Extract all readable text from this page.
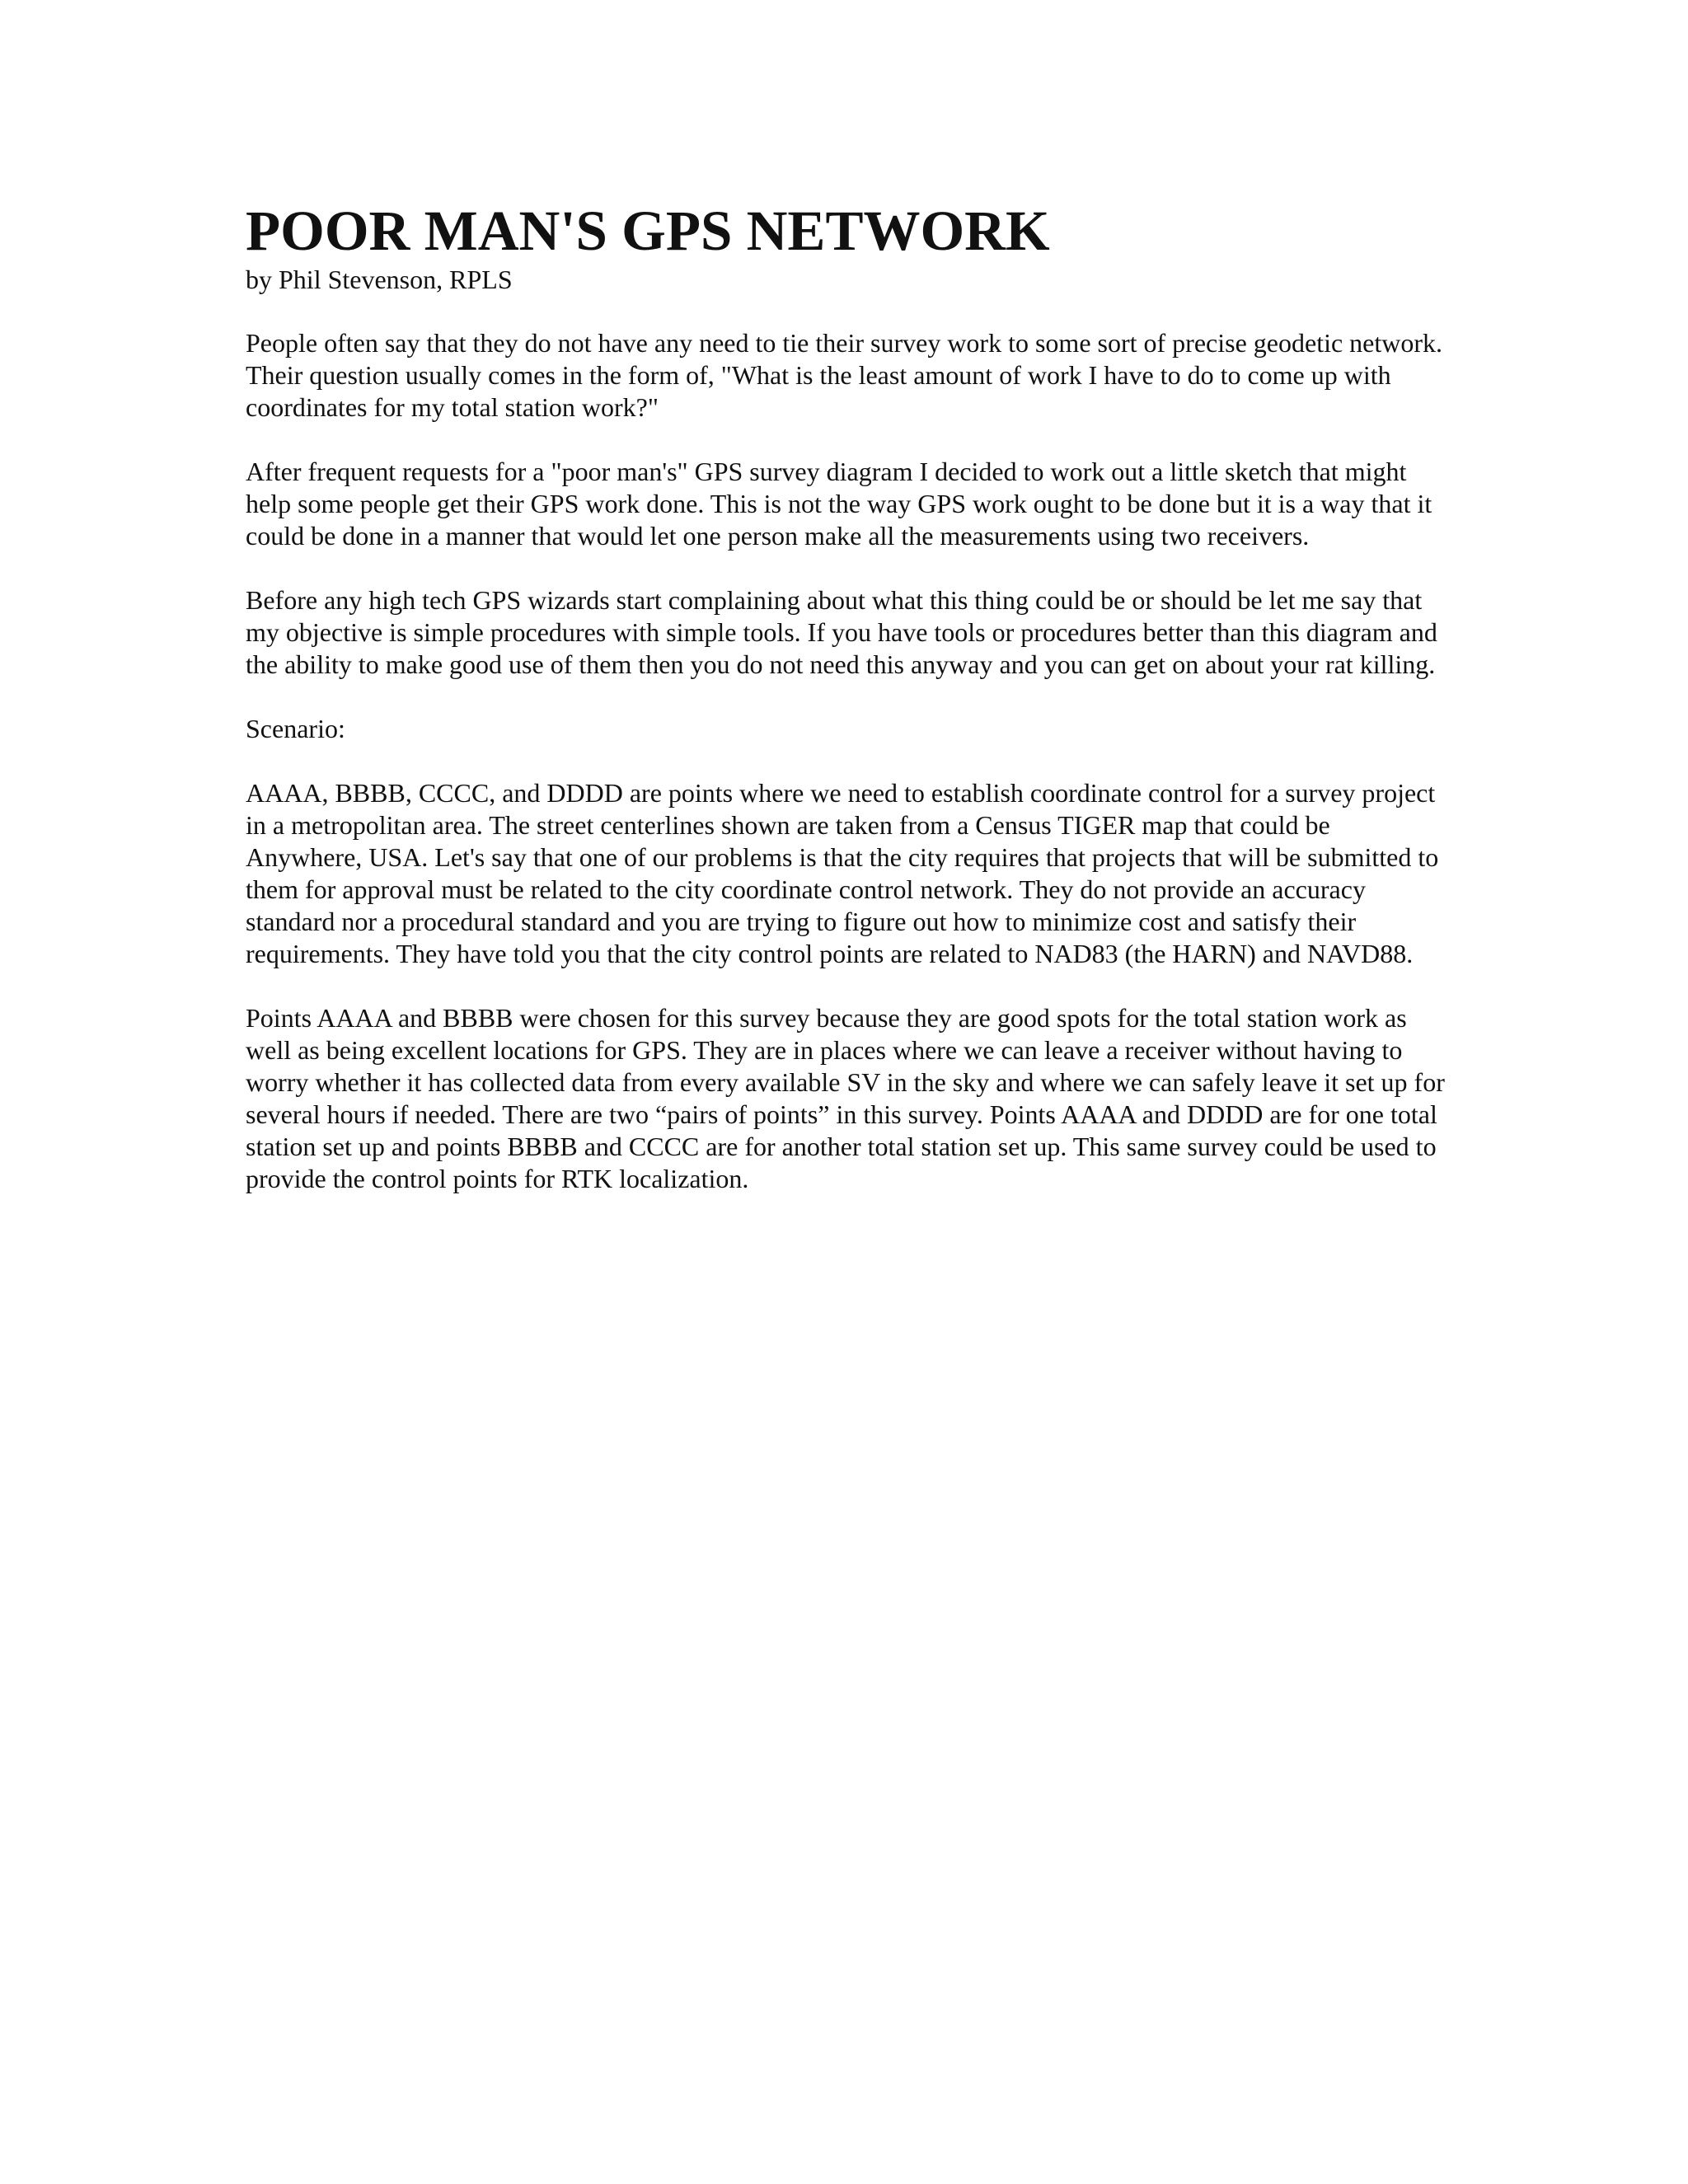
POOR MAN'S GPS NETWORK

by Phil Stevenson, RPLS

People often say that they do not have any need to tie their survey work to some sort of precise geodetic network. Their question usually comes in the form of, "What is the least amount of work I have to do to come up with coordinates for my total station work?"

After frequent requests for a "poor man's" GPS survey diagram I decided to work out a little sketch that might help some people get their GPS work done. This is not the way GPS work ought to be done but it is a way that it could be done in a manner that would let one person make all the measurements using two receivers.

Before any high tech GPS wizards start complaining about what this thing could be or should be let me say that my objective is simple procedures with simple tools. If you have tools or procedures better than this diagram and the ability to make good use of them then you do not need this anyway and you can get on about your rat killing.

Scenario:

AAAA, BBBB, CCCC, and DDDD are points where we need to establish coordinate control for a survey project in a metropolitan area. The street centerlines shown are taken from a Census TIGER map that could be Anywhere, USA. Let's say that one of our problems is that the city requires that projects that will be submitted to them for approval must be related to the city coordinate control network. They do not provide an accuracy standard nor a procedural standard and you are trying to figure out how to minimize cost and satisfy their requirements. They have told you that the city control points are related to NAD83 (the HARN) and NAVD88.

Points AAAA and BBBB were chosen for this survey because they are good spots for the total station work as well as being excellent locations for GPS. They are in places where we can leave a receiver without having to worry whether it has collected data from every available SV in the sky and where we can safely leave it set up for several hours if needed. There are two “pairs of points” in this survey. Points AAAA and DDDD are for one total station set up and points BBBB and CCCC are for another total station set up. This same survey could be used to provide the control points for RTK localization.
